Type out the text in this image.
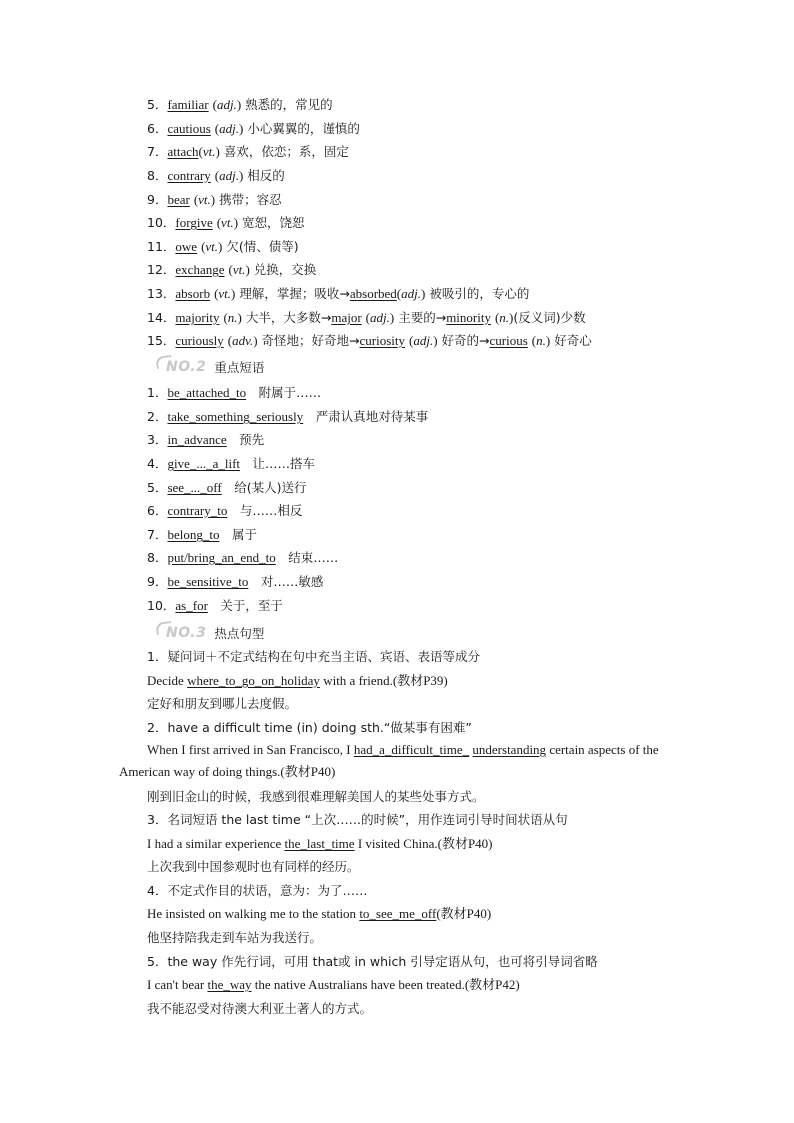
5．familiar (adj.) 熟悉的，常见的
6．cautious (adj.) 小心翼翼的，谨慎的
7．attach(vt.) 喜欢，依恋；系，固定
8．contrary (adj.) 相反的
9．bear (vt.) 携带；容忍
10．forgive (vt.) 宽恕，饶恕
11．owe (vt.) 欠(情、债等)
12．exchange (vt.) 兑换，交换
13．absorb (vt.) 理解，掌握；吸收→absorbed(adj.) 被吸引的，专心的
14．majority (n.) 大半，大多数→major (adj.) 主要的→minority (n.)(反义词)少数
15．curiously (adv.) 奇怪地；好奇地→curiosity (adj.) 好奇的→curious (n.) 好奇心
NO.2 重点短语
1．be_attached_to　 附属于……
2．take_something_seriously　 严肃认真地对待某事
3．in_advance　 预先
4．give_..._a_lift　 让……搭车
5．see_..._off　 给(某人)送行
6．contrary_to　 与……相反
7．belong_to　 属于
8．put/bring_an_end_to　 结束……
9．be_sensitive_to　 对……敏感
10．as_for　 关于，至于
NO.3 热点句型
1．疑问词＋不定式结构在句中充当主语、宾语、表语等成分
Decide where_to_go_on_holiday with a friend.(教材P39)
定好和朋友到哪儿去度假。
2．have a difficult time (in) doing sth.“做某事有困难”
When I first arrived in San Francisco, I had_a_difficult_time_ understanding certain aspects of the American way of doing things.(教材P40)
刚到旧金山的时候，我感到很难理解美国人的某些处事方式。
3．名词短语 the last time “上次……的时候”，用作连词引导时间状语从句
I had a similar experience the_last_time I visited China.(教材P40)
上次我到中国参观时也有同样的经历。
4．不定式作目的状语，意为：为了……
He insisted on walking me to the station to_see_me_off(教材P40)
他坚持陪我走到车站为我送行。
5．the way 作先行词，可用 that或 in which 引导定语从句，也可将引导词省略
I can't bear the_way the native Australians have been treated.(教材P42)
我不能忍受对待澳大利亚土著人的方式。
